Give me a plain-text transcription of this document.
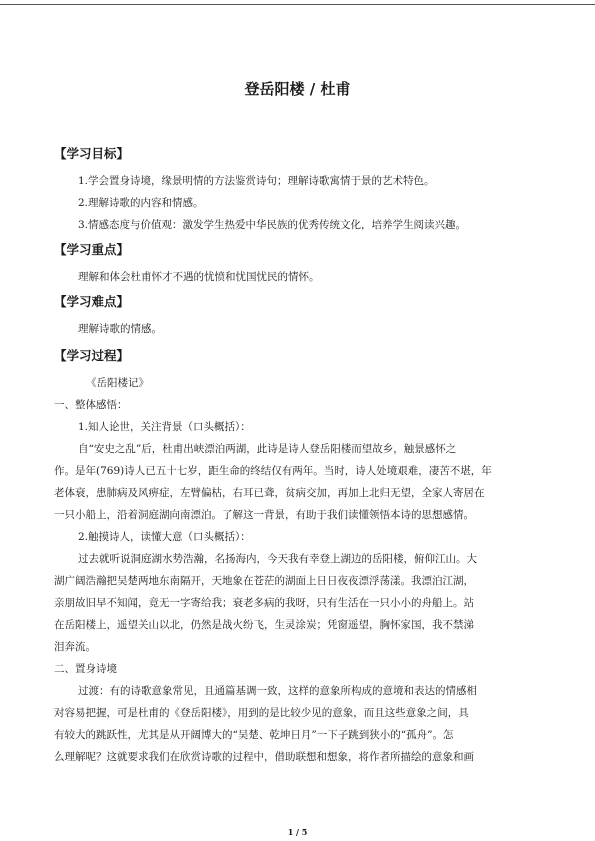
登岳阳楼 / 杜甫
【学习目标】
1.学会置身诗境，缘景明情的方法鉴赏诗句；理解诗歌寓情于景的艺术特色。
2.理解诗歌的内容和情感。
3.情感态度与价值观：激发学生热爱中华民族的优秀传统文化，培养学生阅读兴趣。
【学习重点】
理解和体会杜甫怀才不遇的忧愤和忧国忧民的情怀。
【学习难点】
理解诗歌的情感。
【学习过程】
《岳阳楼记》
一、整体感悟：
1.知人论世，关注背景（口头概括）：
自“安史之乱”后，杜甫出峡漂泊两湖，此诗是诗人登岳阳楼而望故乡，触景感怀之
作。是年(769)诗人已五十七岁，距生命的终结仅有两年。当时，诗人处境艰难，凄苦不堪，年
老体衰，患肺病及风痹症，左臂偏枯，右耳已聋，贫病交加，再加上北归无望，全家人寄居在
一只小船上，沿着洞庭湖向南漂泊。了解这一背景，有助于我们读懂领悟本诗的思想感情。
2.触摸诗人，读懂大意（口头概括）：
过去就听说洞庭湖水势浩瀚，名扬海内，今天我有幸登上湖边的岳阳楼，俯仰江山。大
湖广阔浩瀚把吴楚两地东南隔开，天地象在苍茫的湖面上日日夜夜漂浮荡漾。我漂泊江湖，
亲朋故旧早不知闻，竟无一字寄给我；衰老多病的我呀，只有生活在一只小小的舟船上。站
在岳阳楼上，遥望关山以北，仍然是战火纷飞，生灵涂炭；凭窗遥望，胸怀家国，我不禁涕
泪奔流。
二、置身诗境
过渡：有的诗歌意象常见，且通篇基调一致，这样的意象所构成的意境和表达的情感相
对容易把握，可是杜甫的《登岳阳楼》，用到的是比较少见的意象，而且这些意象之间，具
有较大的跳跃性，尤其是从开阔博大的“吴楚、乾坤日月”一下子跳到狭小的“孤舟”。怎
么理解呢？这就要求我们在欣赏诗歌的过程中，借助联想和想象，将作者所描绘的意象和画
1 / 5
